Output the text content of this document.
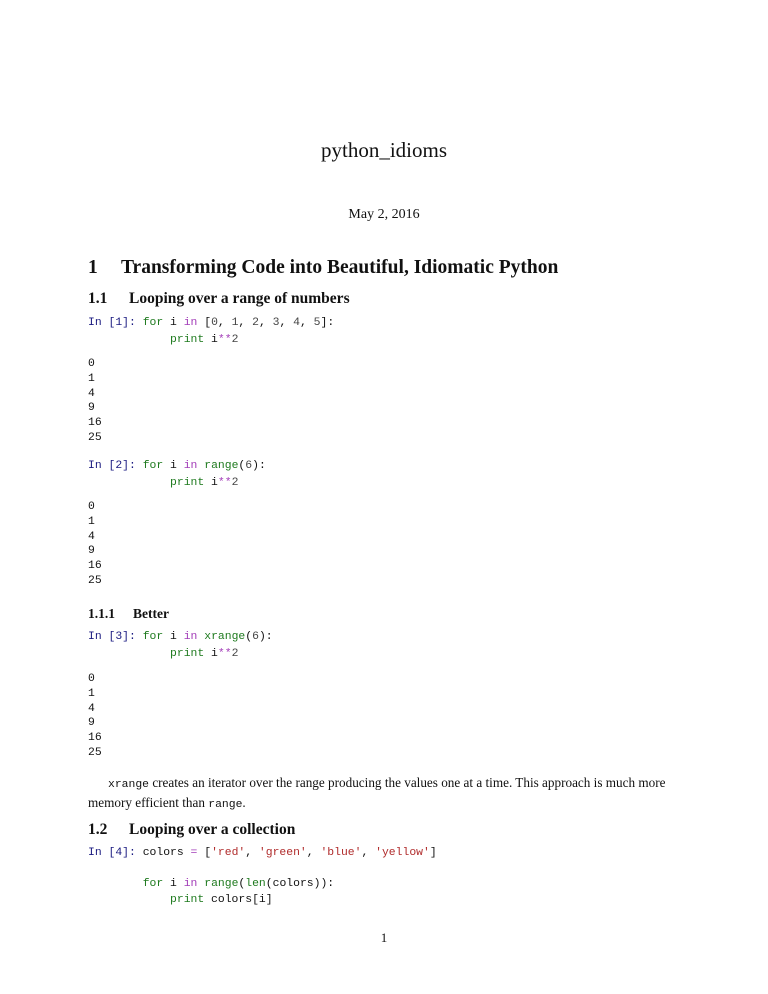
python_idioms
May 2, 2016
1 Transforming Code into Beautiful, Idiomatic Python
1.1 Looping over a range of numbers
In [1]: for i in [0, 1, 2, 3, 4, 5]:
print i**2
0
1
4
9
16
25
In [2]: for i in range(6):
print i**2
0
1
4
9
16
25
1.1.1 Better
In [3]: for i in xrange(6):
print i**2
0
1
4
9
16
25
xrange creates an iterator over the range producing the values one at a time. This approach is much more memory efficient than range.
1.2 Looping over a collection
In [4]: colors = ['red', 'green', 'blue', 'yellow']

for i in range(len(colors)):
print colors[i]
1
